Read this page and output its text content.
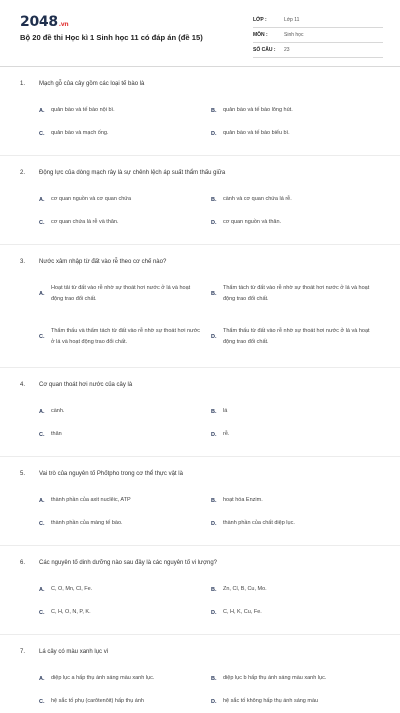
2048.vn
Bộ 20 đề thi Học kì 1 Sinh học 11 có đáp án (đề 15)
LỚP :	Lớp 11
MÔN :	Sinh học
SỐ CÂU :	23
1.	Mạch gỗ của cây gồm các loại tế bào là
A.	quản bào và tế bào nội bì.	B.	quản bào và tế bào lông hút.
C.	quản bào và mạch ống.	D.	quản bào và tế bào biểu bì.
2.	Động lực của dòng mạch rây là sự chênh lệch áp suất thẩm thấu giữa
A.	cơ quan nguồn và cơ quan chứa	B.	cành và cơ quan chứa lá rễ.
C.	cơ quan chứa lá rễ và thân.	D.	cơ quan nguồn và thân.
3.	Nước xâm nhập từ đất vào rễ theo cơ chế nào?
A.
Hoạt tải từ đất vào rễ nhờ sự thoát hơi nước ở lá và hoạt động trao đổi chất.
B.
Thẩm tách từ đất vào rễ nhờ sự thoát hơi nước ở lá và hoạt động trao đổi chất.
C.
Thẩm thấu và thẩm tách từ đất vào rễ nhờ sự thoát hơi nước ở lá và hoạt động trao đổi chất.
D.
Thẩm thấu từ đất vào rễ nhờ sự thoát hơi nước ở lá và hoạt động trao đổi chất.
4.	Cơ quan thoát hơi nước của cây là
A.	cành.	B.	lá
C.	thân	D.	rễ.
5.	Vai trò của nguyên tố Phốtpho trong cơ thể thực vật là
A.	thành phần của axit nuclêic, ATP	B.	hoạt hóa Enzim.
C.	thành phần của màng tế bào.	D.	thành phần của chất diệp lục.
6.	Các nguyên tố dinh dưỡng nào sau đây là các nguyên tố vi lượng?
A.	C, O, Mn, Cl, Fe.	B.	Zn, Cl, B, Cu, Mo.
C.	C, H, O, N, P, K.	D.	C, H, K, Cu, Fe.
7.	Lá cây có màu xanh lục vì
A.	diệp lục a hấp thụ ánh sáng màu xanh lục.	B.	diệp lục b hấp thụ ánh sáng màu xanh lục.
C.	hệ sắc tố phụ (carôtenôit) hấp thụ ánh	D.	hệ sắc tố không hấp thụ ánh sáng màu
